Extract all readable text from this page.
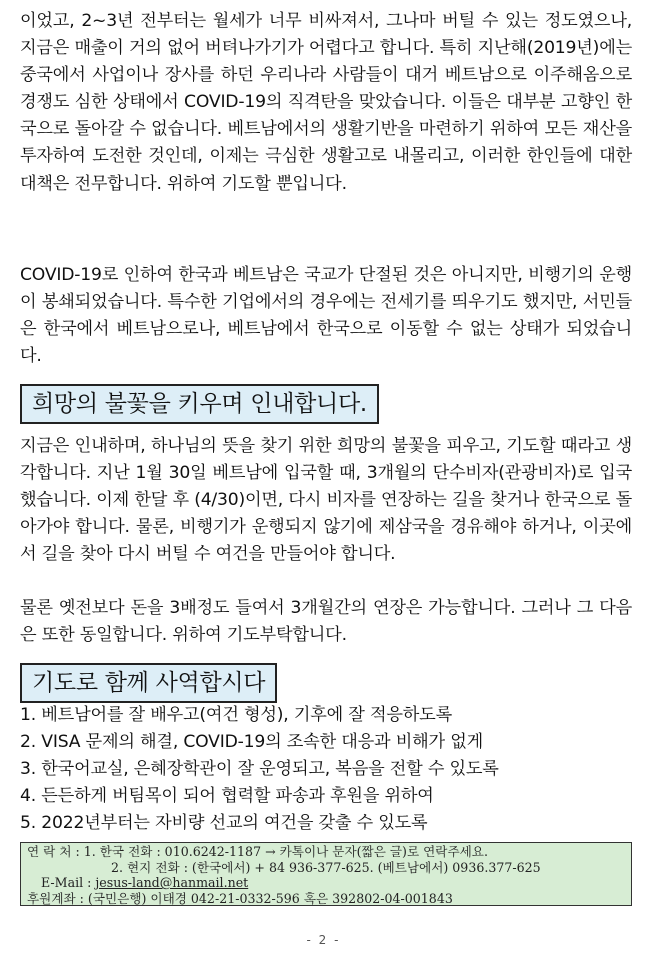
이었고, 2~3년 전부터는 월세가 너무 비싸져서, 그나마 버틸 수 있는 정도였으나, 지금은 매출이 거의 없어 버텨나가기가 어렵다고 합니다. 특히 지난해(2019년)에는 중국에서 사업이나 장사를 하던 우리나라 사람들이 대거 베트남으로 이주해옴으로 경쟁도 심한 상태에서 COVID-19의 직격탄을 맞았습니다. 이들은 대부분 고향인 한국으로 돌아갈 수 없습니다. 베트남에서의 생활기반을 마련하기 위하여 모든 재산을 투자하여 도전한 것인데, 이제는 극심한 생활고로 내몰리고, 이러한 한인들에 대한 대책은 전무합니다. 위하여 기도할 뿐입니다.

COVID-19로 인하여 한국과 베트남은 국교가 단절된 것은 아니지만, 비행기의 운행이 봉쇄되었습니다. 특수한 기업에서의 경우에는 전세기를 띄우기도 했지만, 서민들은 한국에서 베트남으로나, 베트남에서 한국으로 이동할 수 없는 상태가 되었습니다.

희망의 불꽃을 키우며 인내합니다.

지금은 인내하며, 하나님의 뜻을 찾기 위한 희망의 불꽃을 피우고, 기도할 때라고 생각합니다. 지난 1월 30일 베트남에 입국할 때, 3개월의 단수비자(관광비자)로 입국했습니다. 이제 한달 후 (4/30)이면, 다시 비자를 연장하는 길을 찾거나 한국으로 돌아가야 합니다. 물론, 비행기가 운행되지 않기에 제삼국을 경유해야 하거나, 이곳에서 길을 찾아 다시 버틸 수 여건을 만들어야 합니다.

물론 옛전보다 돈을 3배정도 들여서 3개월간의 연장은 가능합니다. 그러나 그 다음은 또한 동일합니다. 위하여 기도부탁합니다.

기도로 함께 사역합시다
1. 베트남어를 잘 배우고(여건 형성), 기후에 잘 적응하도록
2. VISA 문제의 해결, COVID-19의 조속한 대응과 비해가 없게
3. 한국어교실, 은혜장학관이 잘 운영되고, 복음을 전할 수 있도록
4. 든든하게 버팀목이 되어 협력할 파송과 후원을 위하여
5. 2022년부터는 자비량 선교의 여건을 갖출 수 있도록
연 락 처 : 1. 한국 전화 : 010.6242-1187 → 카톡이나 문자(짧은 글)로 연락주세요.
2. 현지 전화 : (한국에서) + 84 936-377-625. (베트남에서) 0936.377-625
E-Mail : jesus-land@hanmail.net
후원계좌 : (국민은행) 이태경 042-21-0332-596 혹은 392802-04-001843
- 2 -
